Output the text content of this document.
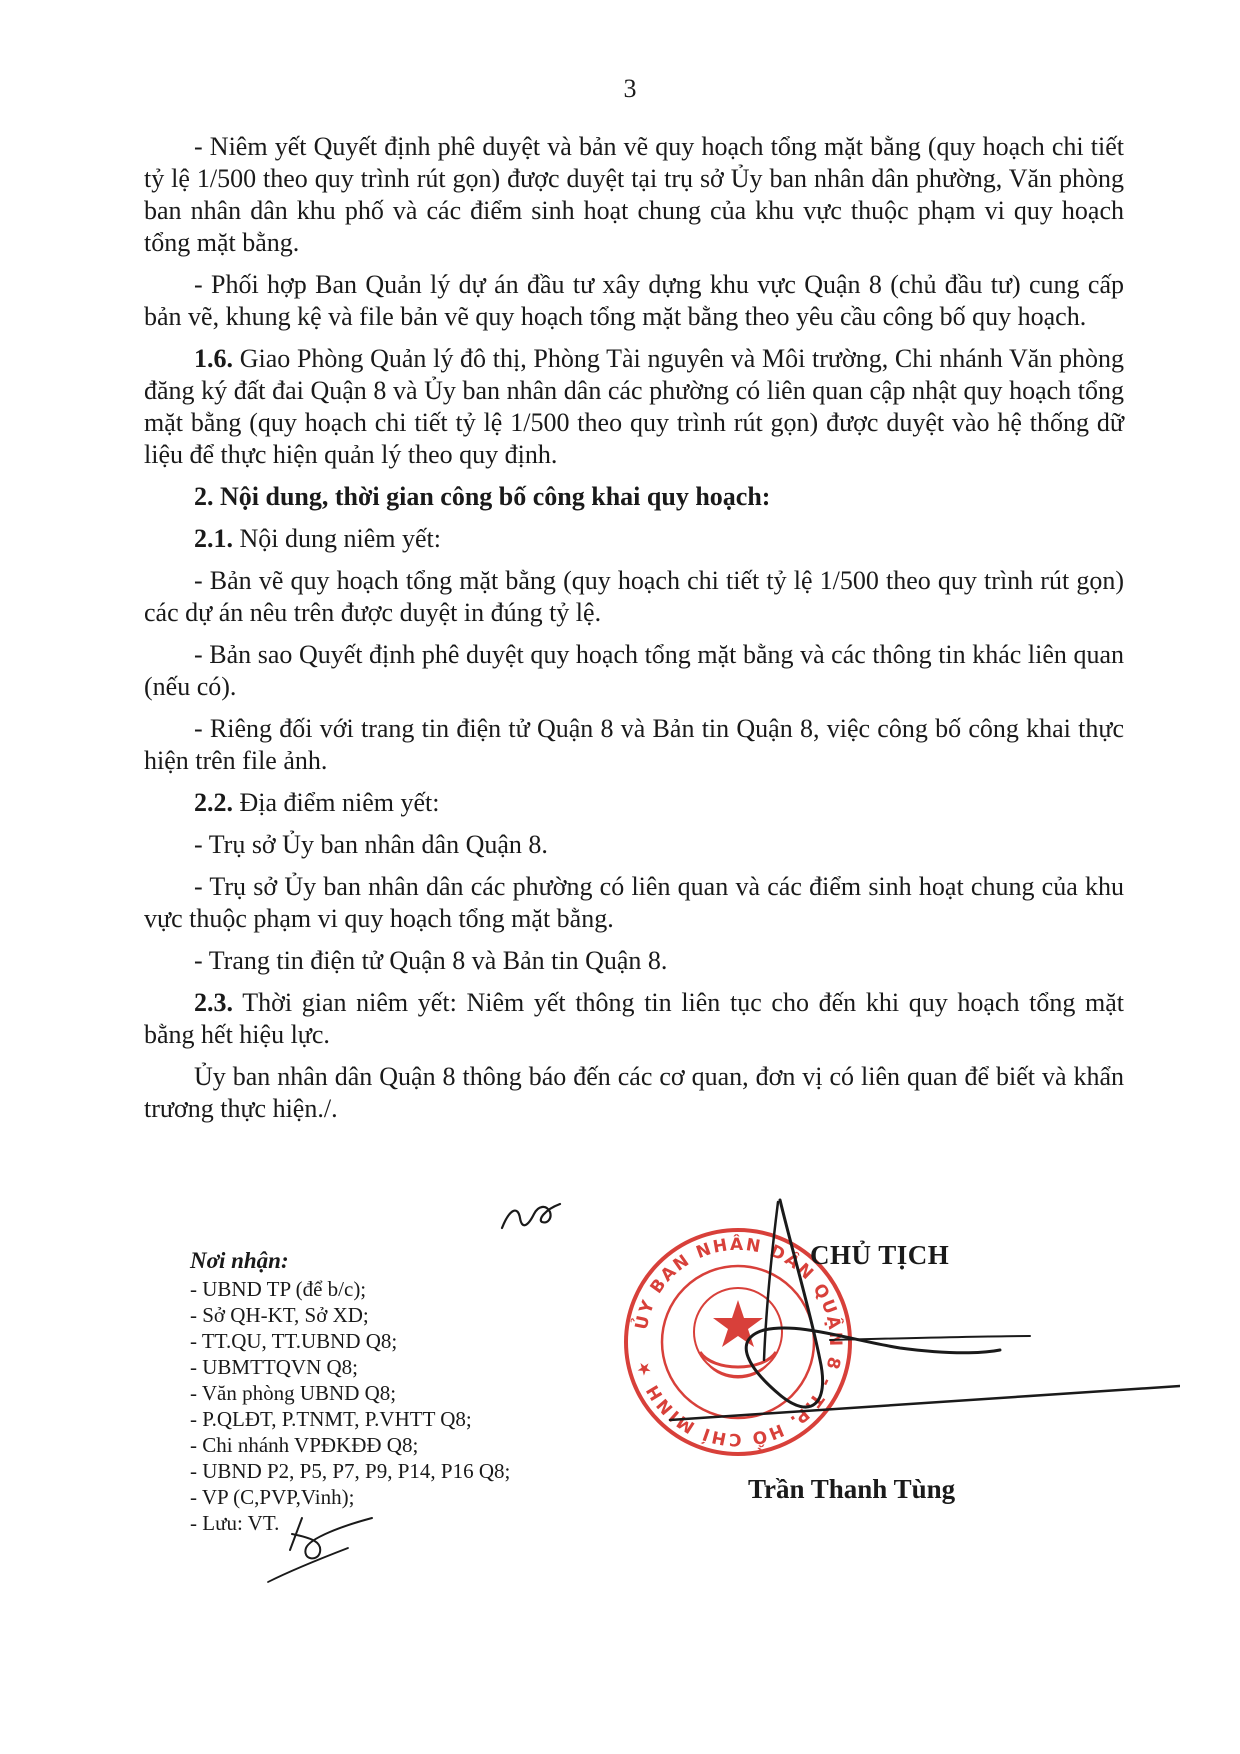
3

- Niêm yết Quyết định phê duyệt và bản vẽ quy hoạch tổng mặt bằng (quy hoạch chi tiết tỷ lệ 1/500 theo quy trình rút gọn) được duyệt tại trụ sở Ủy ban nhân dân phường, Văn phòng ban nhân dân khu phố và các điểm sinh hoạt chung của khu vực thuộc phạm vi quy hoạch tổng mặt bằng.

- Phối hợp Ban Quản lý dự án đầu tư xây dựng khu vực Quận 8 (chủ đầu tư) cung cấp bản vẽ, khung kệ và file bản vẽ quy hoạch tổng mặt bằng theo yêu cầu công bố quy hoạch.

1.6. Giao Phòng Quản lý đô thị, Phòng Tài nguyên và Môi trường, Chi nhánh Văn phòng đăng ký đất đai Quận 8 và Ủy ban nhân dân các phường có liên quan cập nhật quy hoạch tổng mặt bằng (quy hoạch chi tiết tỷ lệ 1/500 theo quy trình rút gọn) được duyệt vào hệ thống dữ liệu để thực hiện quản lý theo quy định.

2. Nội dung, thời gian công bố công khai quy hoạch:

2.1. Nội dung niêm yết:

- Bản vẽ quy hoạch tổng mặt bằng (quy hoạch chi tiết tỷ lệ 1/500 theo quy trình rút gọn) các dự án nêu trên được duyệt in đúng tỷ lệ.

- Bản sao Quyết định phê duyệt quy hoạch tổng mặt bằng và các thông tin khác liên quan (nếu có).

- Riêng đối với trang tin điện tử Quận 8 và Bản tin Quận 8, việc công bố công khai thực hiện trên file ảnh.

2.2. Địa điểm niêm yết:

- Trụ sở Ủy ban nhân dân Quận 8.

- Trụ sở Ủy ban nhân dân các phường có liên quan và các điểm sinh hoạt chung của khu vực thuộc phạm vi quy hoạch tổng mặt bằng.

- Trang tin điện tử Quận 8 và Bản tin Quận 8.

2.3. Thời gian niêm yết: Niêm yết thông tin liên tục cho đến khi quy hoạch tổng mặt bằng hết hiệu lực.

Ủy ban nhân dân Quận 8 thông báo đến các cơ quan, đơn vị có liên quan để biết và khẩn trương thực hiện./.

Nơi nhận:
- UBND TP (để b/c);
- Sở QH-KT, Sở XD;
- TT.QU, TT.UBND Q8;
- UBMTTQVN Q8;
- Văn phòng UBND Q8;
- P.QLĐT, P.TNMT, P.VHTT Q8;
- Chi nhánh VPĐKĐĐ Q8;
- UBND P2, P5, P7, P9, P14, P16 Q8;
- VP (C,PVP,Vinh);
- Lưu: VT.
ỦY BAN NHÂN DÂN QUẬN 8 - T.P. HỒ CHÍ MINH ★
CHỦ TỊCH
Trần Thanh Tùng
